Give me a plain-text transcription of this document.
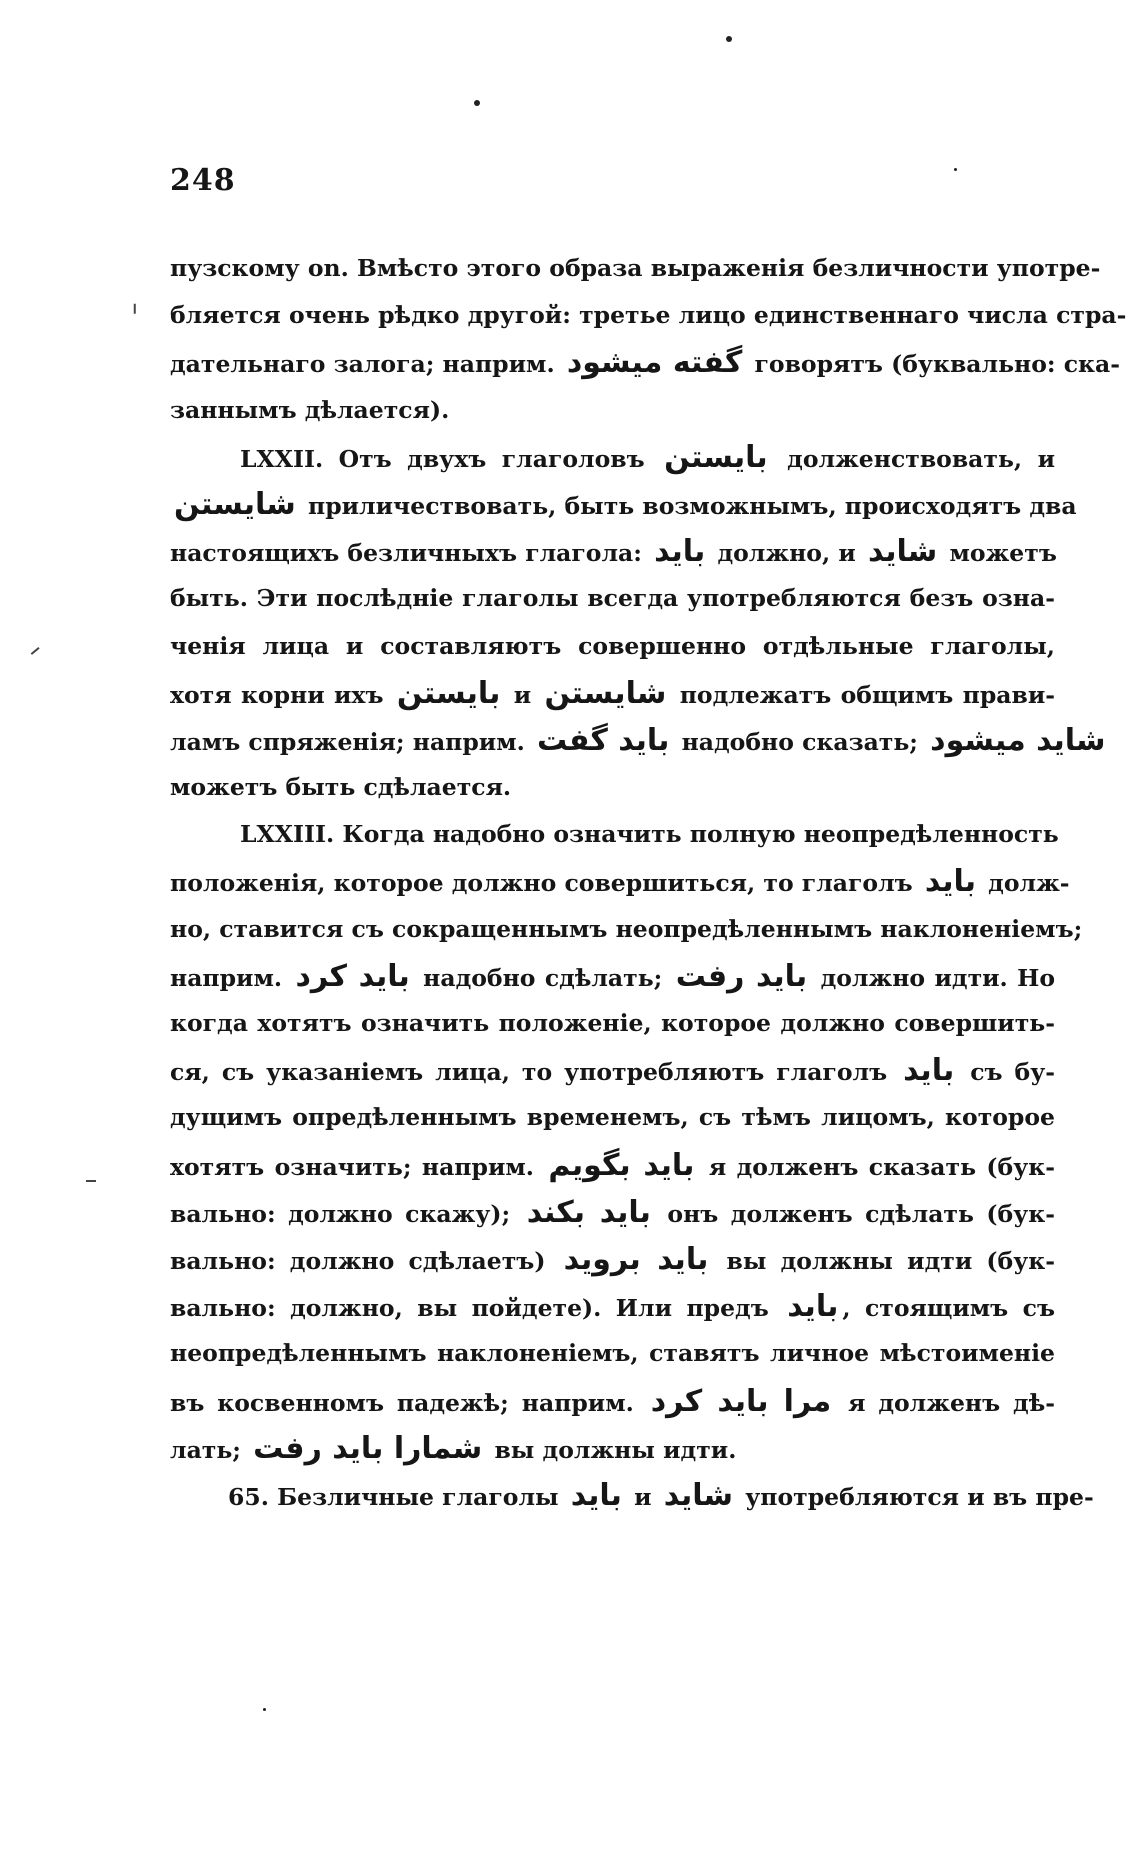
248
пузскому on. Вмѣсто этого образа выраженія безличности употре-
бляется очень рѣдко другой: третье лицо единственнаго числа стра-
дательнаго залога; наприм. گفته ميشود говорятъ (буквально: ска-
заннымъ дѣлается).
LXXII. Отъ двухъ глаголовъ بايستن долженствовать, и
شايستن приличествовать, быть возможнымъ, происходятъ два
настоящихъ безличныхъ глагола: بايد должно, и شايد можетъ
быть. Эти послѣдніе глаголы всегда употребляются безъ озна-
ченія лица и составляютъ совершенно отдѣльные глаголы,
хотя корни ихъ بايستن и شايستن подлежатъ общимъ прави-
ламъ спряженія; наприм. بايد گفت надобно сказать; شايد ميشود
можетъ быть сдѣлается.
LXXIII. Когда надобно означить полную неопредѣленность
положенія, которое должно совершиться, то глаголъ بايد долж-
но, ставится съ сокращеннымъ неопредѣленнымъ наклоненіемъ;
наприм. بايد كرد надобно сдѣлать; بايد رفت должно идти. Но
когда хотятъ означить положеніе, которое должно совершить-
ся, съ указаніемъ лица, то употребляютъ глаголъ بايد съ бу-
дущимъ опредѣленнымъ временемъ, съ тѣмъ лицомъ, которое
хотятъ означить; наприм. بايد بگويم я долженъ сказать (бук-
вально: должно скажу); بايد بكند онъ долженъ сдѣлать (бук-
вально: должно сдѣлаетъ) بايد برويد вы должны идти (бук-
вально: должно, вы пойдете). Или предъ بايد , стоящимъ съ
неопредѣленнымъ наклоненіемъ, ставятъ личное мѣстоименіе
въ косвенномъ падежѣ; наприм. مرا بايد كرد я долженъ дѣ-
лать; شمارا بايد رفت вы должны идти.
65. Безличные глаголы بايد и شايد употребляются и въ пре-
